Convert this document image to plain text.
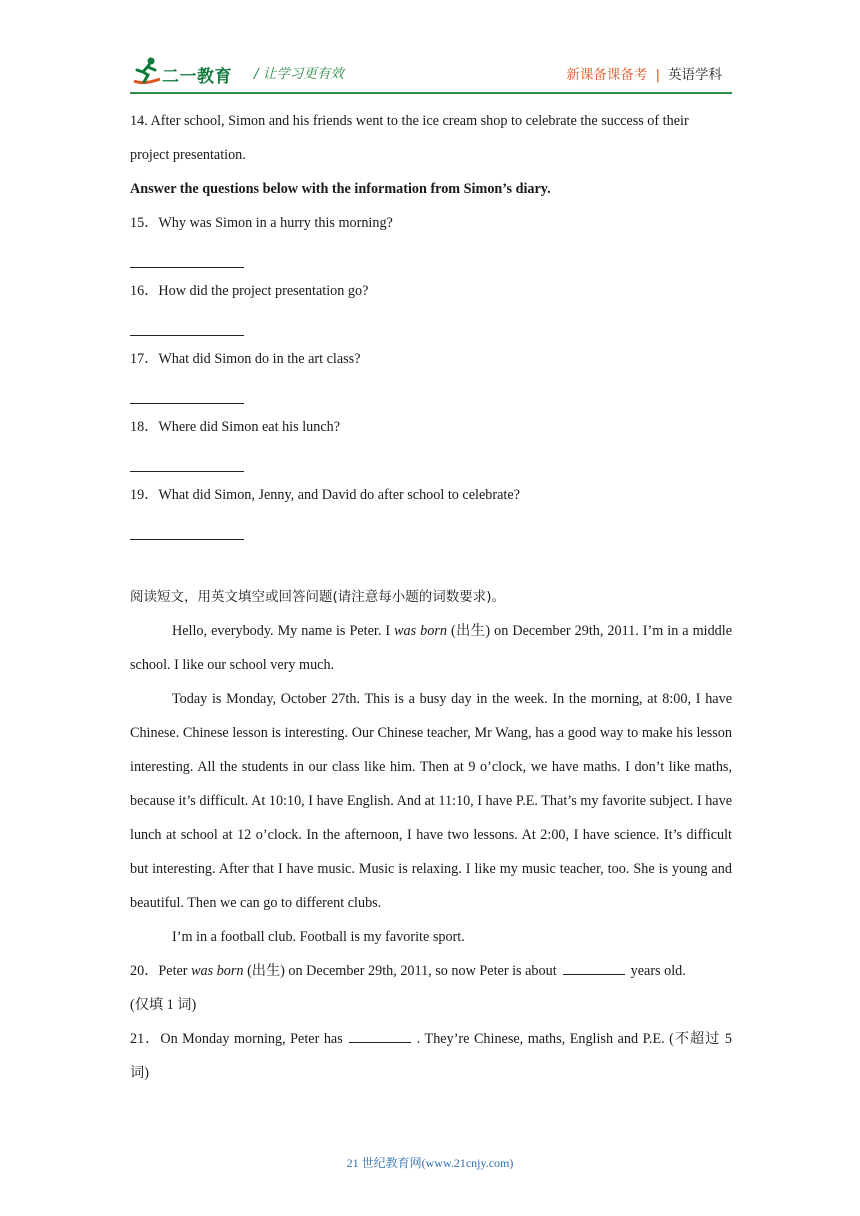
二一教育 / 让学习更有效	新课备课备考 | 英语学科

14. After school, Simon and his friends went to the ice cream shop to celebrate the success of their

project presentation.

Answer the questions below with the information from Simon’s diary.

15．Why was Simon in a hurry this morning?

16．How did the project presentation go?

17．What did Simon do in the art class?

18．Where did Simon eat his lunch?

19．What did Simon, Jenny, and David do after school to celebrate?

阅读短文，用英文填空或回答问题(请注意每小题的词数要求)。

Hello, everybody. My name is Peter. I was born (出生) on December 29th, 2011. I’m in a middle school. I like our school very much.

Today is Monday, October 27th. This is a busy day in the week. In the morning, at 8:00, I have Chinese. Chinese lesson is interesting. Our Chinese teacher, Mr Wang, has a good way to make his lesson interesting. All the students in our class like him. Then at 9 o’clock, we have maths. I don’t like maths, because it’s difficult. At 10:10, I have English. And at 11:10, I have P.E. That’s my favorite subject. I have lunch at school at 12 o’clock. In the afternoon, I have two lessons. At 2:00, I have science. It’s difficult but interesting. After that I have music. Music is relaxing. I like my music teacher, too. She is young and beautiful. Then we can go to different clubs.

I’m in a football club. Football is my favorite sport.

20．Peter was born (出生) on December 29th, 2011, so now Peter is about	years old.

(仅填 1 词)

21．On Monday morning, Peter has	. They’re Chinese, maths, English and P.E. (不超过 5 词)

21 世纪教育网(www.21cnjy.com)
